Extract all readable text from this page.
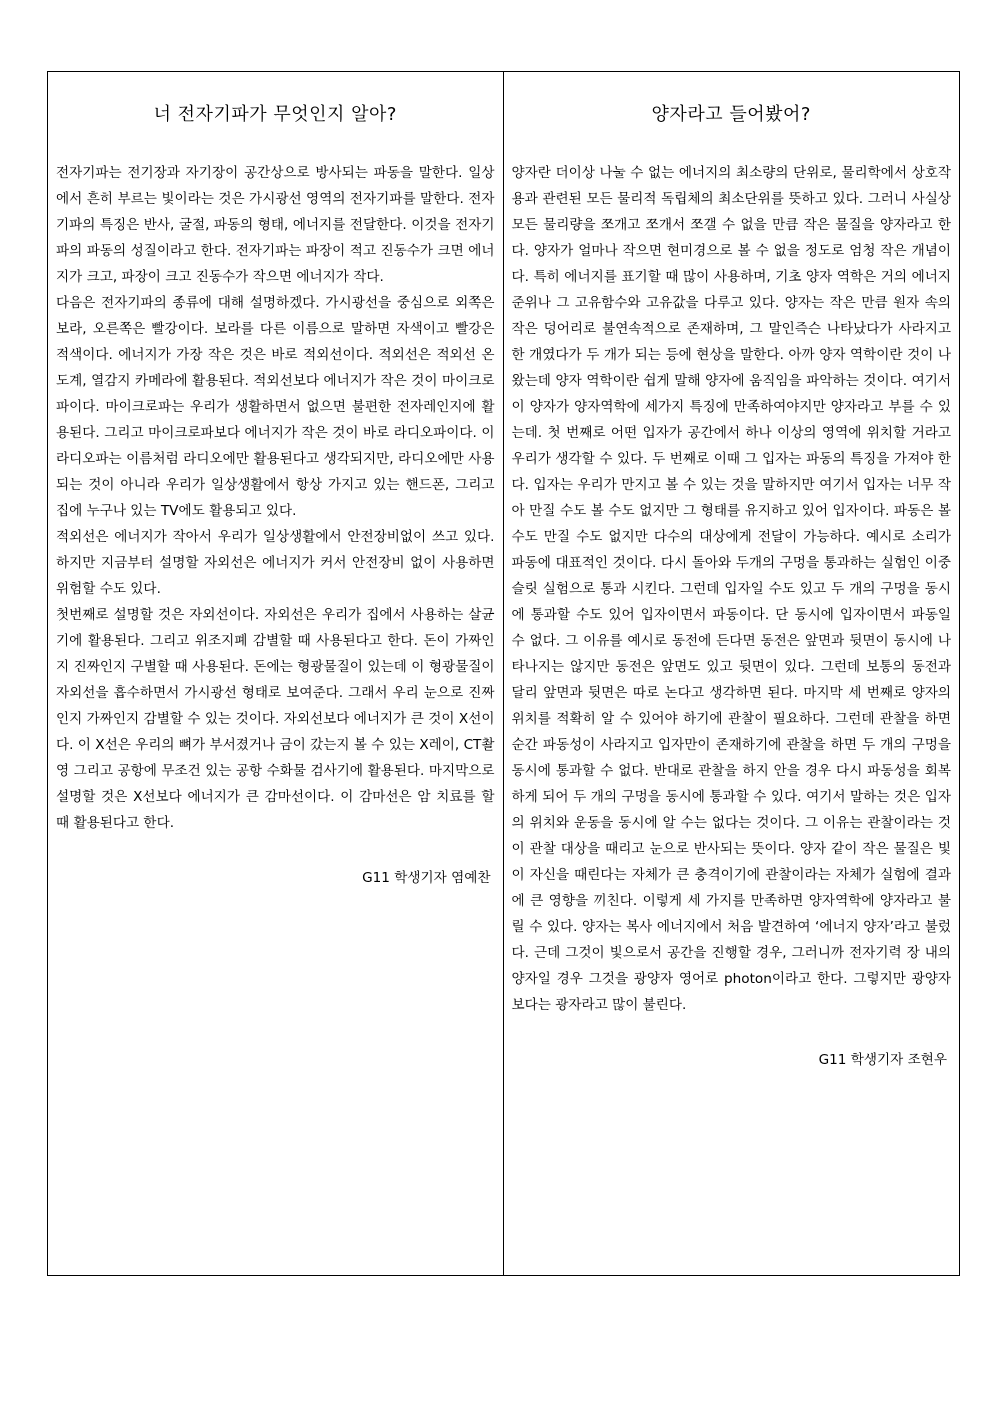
너 전자기파가 무엇인지 알아?

전자기파는 전기장과 자기장이 공간상으로 방사되는 파동을 말한다. 일상에서 흔히 부르는 빛이라는 것은 가시광선 영역의 전자기파를 말한다. 전자기파의 특징은 반사, 굴절, 파동의 형태, 에너지를 전달한다. 이것을 전자기파의 파동의 성질이라고 한다. 전자기파는 파장이 적고 진동수가 크면 에너지가 크고, 파장이 크고 진동수가 작으면 에너지가 작다.

다음은 전자기파의 종류에 대해 설명하겠다. 가시광선을 중심으로 외쪽은 보라, 오른쪽은 빨강이다. 보라를 다른 이름으로 말하면 자색이고 빨강은 적색이다. 에너지가 가장 작은 것은 바로 적외선이다. 적외선은 적외선 온도계, 열감지 카메라에 활용된다. 적외선보다 에너지가 작은 것이 마이크로파이다. 마이크로파는 우리가 생활하면서 없으면 불편한 전자레인지에 활용된다. 그리고 마이크로파보다 에너지가 작은 것이 바로 라디오파이다. 이 라디오파는 이름처럼 라디오에만 활용된다고 생각되지만, 라디오에만 사용되는 것이 아니라 우리가 일상생활에서 항상 가지고 있는 핸드폰, 그리고 집에 누구나 있는 TV에도 활용되고 있다.

적외선은 에너지가 작아서 우리가 일상생활에서 안전장비없이 쓰고 있다. 하지만 지금부터 설명할 자외선은 에너지가 커서 안전장비 없이 사용하면 위험할 수도 있다.

첫번째로 설명할 것은 자외선이다. 자외선은 우리가 집에서 사용하는 살균기에 활용된다. 그리고 위조지폐 감별할 때 사용된다고 한다. 돈이 가짜인지 진짜인지 구별할 때 사용된다. 돈에는 형광물질이 있는데 이 형광물질이 자외선을 흡수하면서 가시광선 형태로 보여준다. 그래서 우리 눈으로 진짜인지 가짜인지 감별할 수 있는 것이다. 자외선보다 에너지가 큰 것이 X선이다. 이 X선은 우리의 뼈가 부서졌거나 금이 갔는지 볼 수 있는 X레이, CT촬영 그리고 공항에 무조건 있는 공항 수화물 검사기에 활용된다. 마지막으로 설명할 것은 X선보다 에너지가 큰 감마선이다. 이 감마선은 암 치료를 할 때 활용된다고 한다.

G11 학생기자 염예찬
양자라고 들어봤어?

양자란 더이상 나눌 수 없는 에너지의 최소량의 단위로, 물리학에서 상호작용과 관련된 모든 물리적 독립체의 최소단위를 뜻하고 있다. 그러니 사실상 모든 물리량을 쪼개고 쪼개서 쪼갤 수 없을 만큼 작은 물질을 양자라고 한다. 양자가 얼마나 작으면 현미경으로 볼 수 없을 정도로 엄청 작은 개념이다. 특히 에너지를 표기할 때 많이 사용하며, 기초 양자 역학은 거의 에너지 준위나 그 고유함수와 고유값을 다루고 있다. 양자는 작은 만큼 원자 속의 작은 덩어리로 불연속적으로 존재하며, 그 말인즉슨 나타났다가 사라지고 한 개였다가 두 개가 되는 등에 현상을 말한다. 아까 양자 역학이란 것이 나왔는데 양자 역학이란 쉽게 말해 양자에 움직임을 파악하는 것이다. 여기서 이 양자가 양자역학에 세가지 특징에 만족하여야지만 양자라고 부를 수 있는데. 첫 번째로 어떤 입자가 공간에서 하나 이상의 영역에 위치할 거라고 우리가 생각할 수 있다. 두 번째로 이때 그 입자는 파동의 특징을 가져야 한다. 입자는 우리가 만지고 볼 수 있는 것을 말하지만 여기서 입자는 너무 작아 만질 수도 볼 수도 없지만 그 형태를 유지하고 있어 입자이다. 파동은 볼 수도 만질 수도 없지만 다수의 대상에게 전달이 가능하다. 예시로 소리가 파동에 대표적인 것이다. 다시 돌아와 두개의 구멍을 통과하는 실험인 이중슬릿 실험으로 통과 시킨다. 그런데 입자일 수도 있고 두 개의 구멍을 동시에 통과할 수도 있어 입자이면서 파동이다. 단 동시에 입자이면서 파동일 수 없다. 그 이유를 예시로 동전에 든다면 동전은 앞면과 뒷면이 동시에 나타나지는 않지만 동전은 앞면도 있고 뒷면이 있다. 그런데 보통의 동전과 달리 앞면과 뒷면은 따로 논다고 생각하면 된다. 마지막 세 번째로 양자의 위치를 적확히 알 수 있어야 하기에 관찰이 필요하다. 그런데 관찰을 하면 순간 파동성이 사라지고 입자만이 존재하기에 관찰을 하면 두 개의 구멍을 동시에 통과할 수 없다. 반대로 관찰을 하지 안을 경우 다시 파동성을 회복하게 되어 두 개의 구멍을 동시에 통과할 수 있다. 여기서 말하는 것은 입자의 위치와 운동을 동시에 알 수는 없다는 것이다. 그 이유는 관찰이라는 것이 관찰 대상을 때리고 눈으로 반사되는 뜻이다. 양자 같이 작은 물질은 빛이 자신을 때린다는 자체가 큰 충격이기에 관찰이라는 자체가 실험에 결과에 큰 영향을 끼친다. 이렇게 세 가지를 만족하면 양자역학에 양자라고 불릴 수 있다. 양자는 복사 에너지에서 처음 발견하여 ‘에너지 양자’라고 불렀다. 근데 그것이 빛으로서 공간을 진행할 경우, 그러니까 전자기력 장 내의 양자일 경우 그것을 광양자 영어로 photon이라고 한다. 그렇지만 광양자보다는 광자라고 많이 불린다.

G11 학생기자 조현우
